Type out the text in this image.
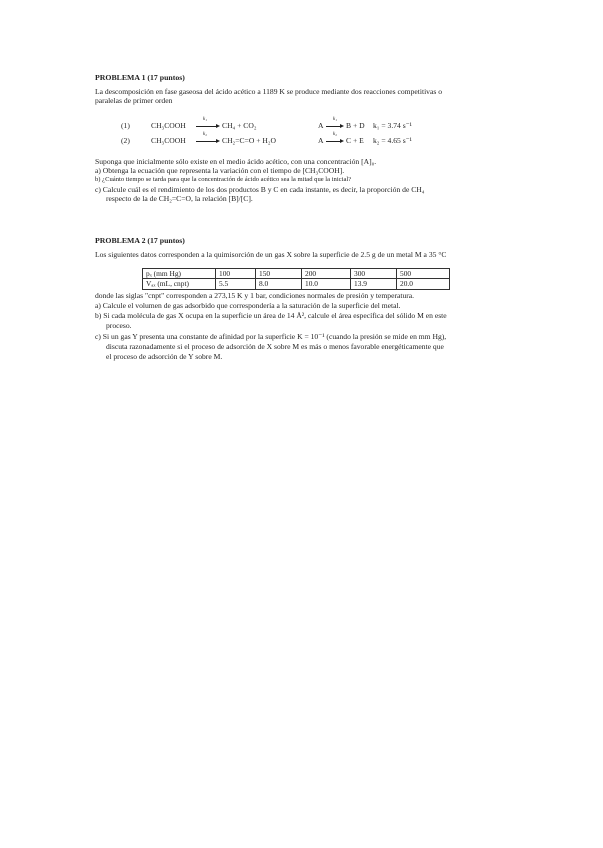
PROBLEMA 1 (17 puntos)
La descomposición en fase gaseosa del ácido acético a 1189 K se produce mediante dos reacciones competitivas o
paralelas de primer orden
(1)	CH₃COOH
k₁
CH₄ + CO₂	A
k₁
B + D k₁ = 3.74 s⁻¹
(2)	CH₃COOH
k₂
CH₂=C=O + H₂O	A
k₂
C + E k₂ = 4.65 s⁻¹
Suponga que inicialmente sólo existe en el medio ácido acético, con una concentración [A]₀.
a) Obtenga la ecuación que representa la variación con el tiempo de [CH₃COOH].
b) ¿Cuánto tiempo se tarda para que la concentración de ácido acético sea la mitad que la inicial?
c) Calcule cuál es el rendimiento de los dos productos B y C en cada instante, es decir, la proporción de CH₄
respecto de la de CH₂=C=O, la relación [B]/[C].
PROBLEMA 2 (17 puntos)
Los siguientes datos corresponden a la quimisorción de un gas X sobre la superficie de 2.5 g de un metal M a 35 °C
pₓ (mm Hg)	100	150	200	300	500
Vₐₓ (mL, cnpt)	5.5	8.0	10.0	13.9	20.0
donde las siglas "cnpt" corresponden a 273,15 K y 1 bar, condiciones normales de presión y temperatura.
a) Calcule el volumen de gas adsorbido que correspondería a la saturación de la superficie del metal.
b) Si cada molécula de gas X ocupa en la superficie un área de 14 Å², calcule el área específica del sólido M en este
proceso.
c) Si un gas Y presenta una constante de afinidad por la superficie K = 10⁻¹ (cuando la presión se mide en mm Hg),
discuta razonadamente si el proceso de adsorción de X sobre M es más o menos favorable energéticamente que
el proceso de adsorción de Y sobre M.
